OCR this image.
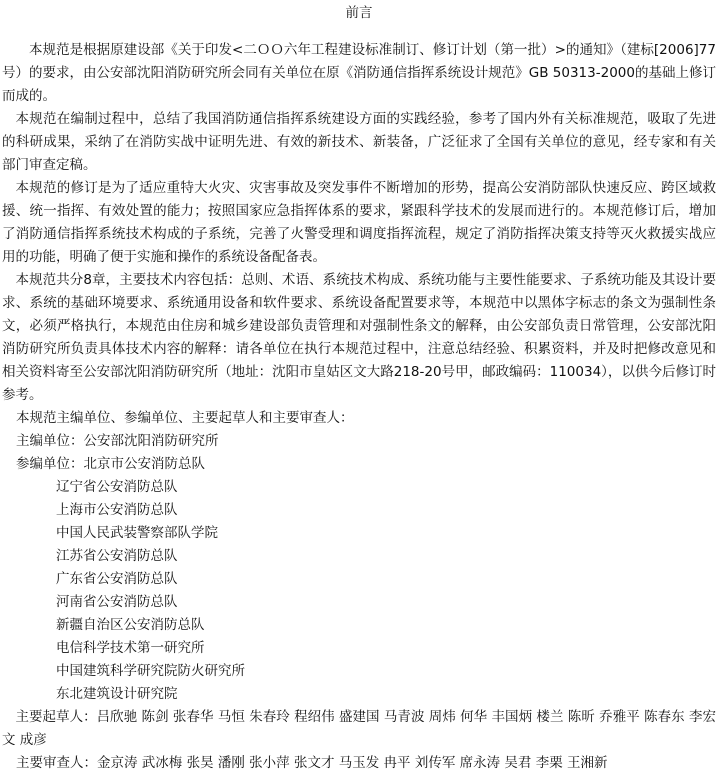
前言

本规范是根据原建设部《关于印发<二ＯＯ六年工程建设标准制订、修订计划（第一批）>的通知》（建标[2006]77号）的要求，由公安部沈阳消防研究所会同有关单位在原《消防通信指挥系统设计规范》GB 50313-2000的基础上修订而成的。

本规范在编制过程中，总结了我国消防通信指挥系统建设方面的实践经验，参考了国内外有关标准规范，吸取了先进的科研成果，采纳了在消防实战中证明先进、有效的新技术、新装备，广泛征求了全国有关单位的意见，经专家和有关部门审查定稿。

本规范的修订是为了适应重特大火灾、灾害事故及突发事件不断增加的形势，提高公安消防部队快速反应、跨区域救援、统一指挥、有效处置的能力；按照国家应急指挥体系的要求，紧跟科学技术的发展而进行的。本规范修订后，增加了消防通信指挥系统技术构成的子系统，完善了火警受理和调度指挥流程，规定了消防指挥决策支持等灭火救援实战应用的功能，明确了便于实施和操作的系统设备配备表。

本规范共分8章，主要技术内容包括：总则、术语、系统技术构成、系统功能与主要性能要求、子系统功能及其设计要求、系统的基础环境要求、系统通用设备和软件要求、系统设备配置要求等，本规范中以黑体字标志的条文为强制性条文，必须严格执行，本规范由住房和城乡建设部负责管理和对强制性条文的解释，由公安部负责日常管理，公安部沈阳消防研究所负责具体技术内容的解释：请各单位在执行本规范过程中，注意总结经验、积累资料，并及时把修改意见和相关资料寄至公安部沈阳消防研究所（地址：沈阳市皇姑区文大路218-20号甲，邮政编码：110034），以供今后修订时参考。

本规范主编单位、参编单位、主要起草人和主要审查人：

主编单位：公安部沈阳消防研究所

参编单位：北京市公安消防总队

辽宁省公安消防总队
上海市公安消防总队
中国人民武装警察部队学院
江苏省公安消防总队
广东省公安消防总队
河南省公安消防总队
新疆自治区公安消防总队
电信科学技术第一研究所
中国建筑科学研究院防火研究所
东北建筑设计研究院

主要起草人：吕欣驰 陈剑 张春华 马恒 朱春玲 程绍伟 盛建国 马青波 周炜 何华 丰国炳 楼兰 陈昕 乔雅平 陈春东 李宏文 成彦

主要审查人：金京涛 武冰梅 张昊 潘刚 张小萍 张文才 马玉发 冉平 刘传军 席永涛 吴君 李栗 王湘新
